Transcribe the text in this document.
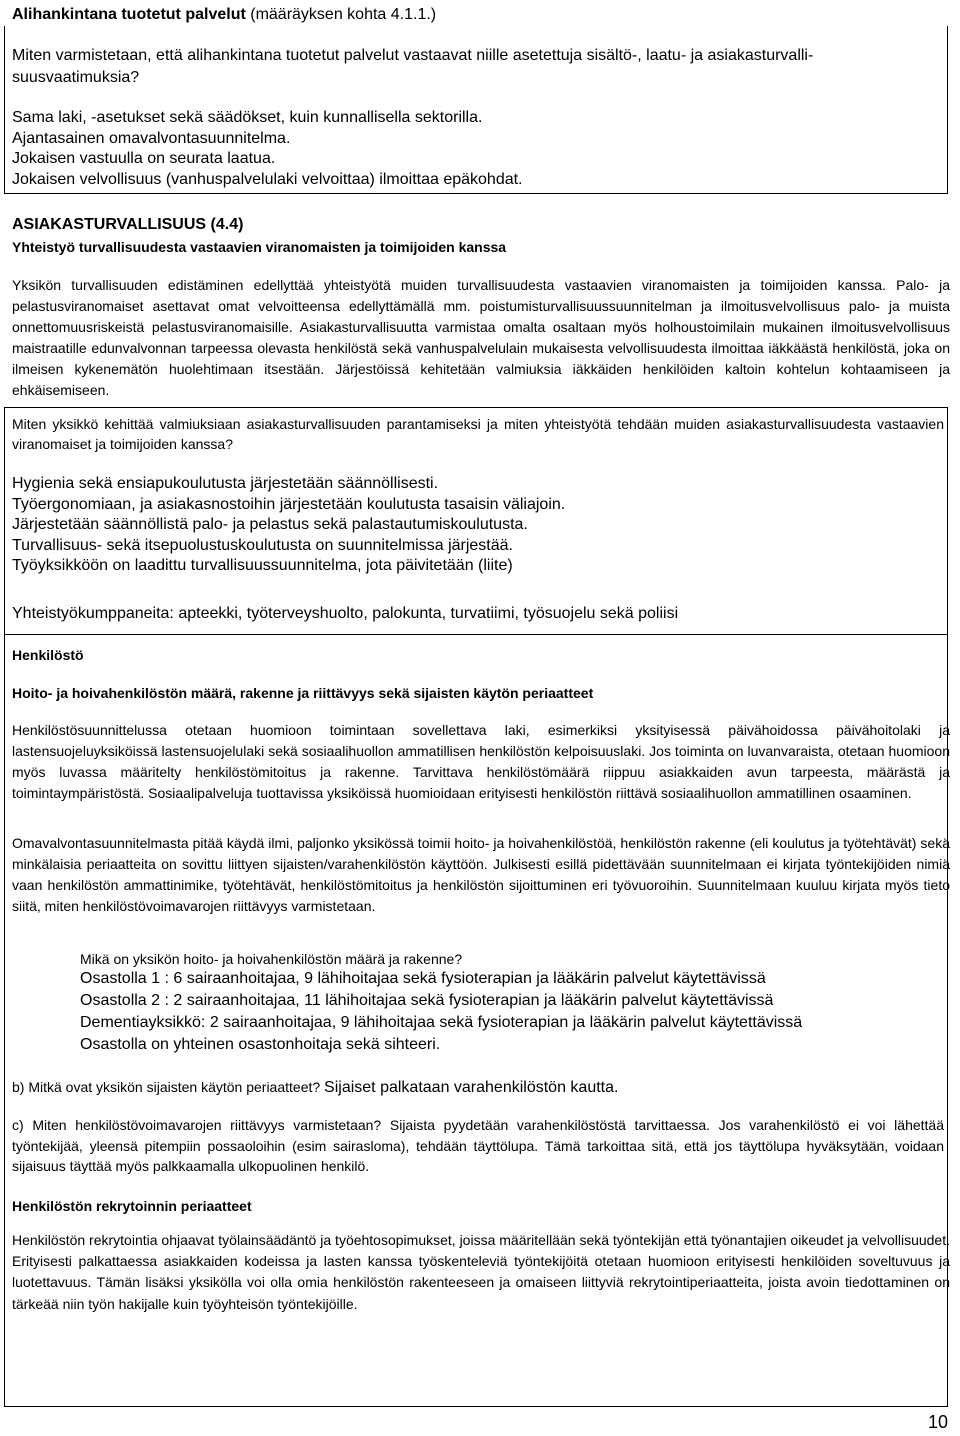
Alihankintana tuotetut palvelut (määräyksen kohta 4.1.1.)
Miten varmistetaan, että alihankintana tuotetut palvelut vastaavat niille asetettuja sisältö-, laatu- ja asiakasturvalli-
suusvaatimuksia?
Sama laki, -asetukset sekä säädökset, kuin kunnallisella sektorilla.
Ajantasainen omavalvontasuunnitelma.
Jokaisen vastuulla on seurata laatua.
Jokaisen velvollisuus (vanhuspalvelulaki velvoittaa) ilmoittaa epäkohdat.
ASIAKASTURVALLISUUS (4.4)
Yhteistyö turvallisuudesta vastaavien viranomaisten ja toimijoiden kanssa
Yksikön turvallisuuden edistäminen edellyttää yhteistyötä muiden turvallisuudesta vastaavien viranomaisten ja toimijoiden kanssa. Palo- ja pelastusviranomaiset asettavat omat velvoitteensa edellyttämällä mm. poistumisturvallisuussuunnitelman ja ilmoitusvelvollisuus palo- ja muista onnettomuusriskeistä pelastusviranomaisille. Asiakasturvallisuutta varmistaa omalta osaltaan myös holhoustoimilain mukainen ilmoitusvelvollisuus maistraatille edunvalvonnan tarpeessa olevasta henkilöstä sekä vanhuspalvelulain mukaisesta velvollisuudesta ilmoittaa iäkkäästä henkilöstä, joka on ilmeisen kykenemätön huolehtimaan itsestään. Järjestöissä kehitetään valmiuksia iäkkäiden henkilöiden kaltoin kohtelun kohtaamiseen ja ehkäisemiseen.
Miten yksikkö kehittää valmiuksiaan asiakasturvallisuuden parantamiseksi ja miten yhteistyötä tehdään muiden asiakasturvallisuudesta vastaavien viranomaiset ja toimijoiden kanssa?
Hygienia sekä ensiapukoulutusta järjestetään säännöllisesti.
Työergonomiaan, ja asiakasnostoihin järjestetään koulutusta tasaisin väliajoin.
Järjestetään säännöllistä palo- ja pelastus sekä palastautumiskoulutusta.
Turvallisuus- sekä itsepuolustuskoulutusta on suunnitelmissa järjestää.
Työyksikköön on laadittu turvallisuussuunnitelma, jota päivitetään (liite)
Yhteistyökumppaneita: apteekki, työterveyshuolto, palokunta, turvatiimi, työsuojelu sekä poliisi
Henkilöstö
Hoito- ja hoivahenkilöstön määrä, rakenne ja riittävyys sekä sijaisten käytön periaatteet
Henkilöstösuunnittelussa otetaan huomioon toimintaan sovellettava laki, esimerkiksi yksityisessä päivähoidossa päivähoitolaki ja lastensuojeluyksiköissä lastensuojelulaki sekä sosiaalihuollon ammatillisen henkilöstön kelpoisuuslaki. Jos toiminta on luvanvaraista, otetaan huomioon myös luvassa määritelty henkilöstömitoitus ja rakenne. Tarvittava henkilöstömäärä riippuu asiakkaiden avun tarpeesta, määrästä ja toimintaympäristöstä. Sosiaalipalveluja tuottavissa yksiköissä huomioidaan erityisesti henkilöstön riittävä sosiaalihuollon ammatillinen osaaminen.
Omavalvontasuunnitelmasta pitää käydä ilmi, paljonko yksikössä toimii hoito- ja hoivahenkilöstöä, henkilöstön rakenne (eli koulutus ja työtehtävät) sekä minkälaisia periaatteita on sovittu liittyen sijaisten/varahenkilöstön käyttöön. Julkisesti esillä pidettävään suunnitelmaan ei kirjata työntekijöiden nimiä vaan henkilöstön ammattinimike, työtehtävät, henkilöstömitoitus ja henkilöstön sijoittuminen eri työvuoroihin. Suunnitelmaan kuuluu kirjata myös tieto siitä, miten henkilöstövoimavarojen riittävyys varmistetaan.
Mikä on yksikön hoito- ja hoivahenkilöstön määrä ja rakenne?
Osastolla 1 : 6 sairaanhoitajaa, 9 lähihoitajaa sekä fysioterapian ja lääkärin palvelut käytettävissä
Osastolla 2 : 2 sairaanhoitajaa, 11 lähihoitajaa sekä fysioterapian ja lääkärin palvelut käytettävissä
Dementiayksikkö: 2 sairaanhoitajaa, 9 lähihoitajaa sekä fysioterapian ja lääkärin palvelut käytettävissä
Osastolla on yhteinen osastonhoitaja sekä sihteeri.
b) Mitkä ovat yksikön sijaisten käytön periaatteet? Sijaiset palkataan varahenkilöstön kautta.
c) Miten henkilöstövoimavarojen riittävyys varmistetaan? Sijaista pyydetään varahenkilöstöstä tarvittaessa. Jos varahenkilöstö ei voi lähettää työntekijää, yleensä pitempiin possaoloihin (esim sairasloma), tehdään täyttölupa. Tämä tarkoittaa sitä, että jos täyttölupa hyväksytään, voidaan sijaisuus täyttää myös palkkaamalla ulkopuolinen henkilö.
Henkilöstön rekrytoinnin periaatteet
Henkilöstön rekrytointia ohjaavat työlainsäädäntö ja työehtosopimukset, joissa määritellään sekä työntekijän että työnantajien oikeudet ja velvollisuudet. Erityisesti palkattaessa asiakkaiden kodeissa ja lasten kanssa työskenteleviä työntekijöitä otetaan huomioon erityisesti henkilöiden soveltuvuus ja luotettavuus. Tämän lisäksi yksikölla voi olla omia henkilöstön rakenteeseen ja omaiseen liittyviä rekrytointiperiaatteita, joista avoin tiedottaminen on tärkeää niin työn hakijalle kuin työyhteisön työntekijöille.
10
